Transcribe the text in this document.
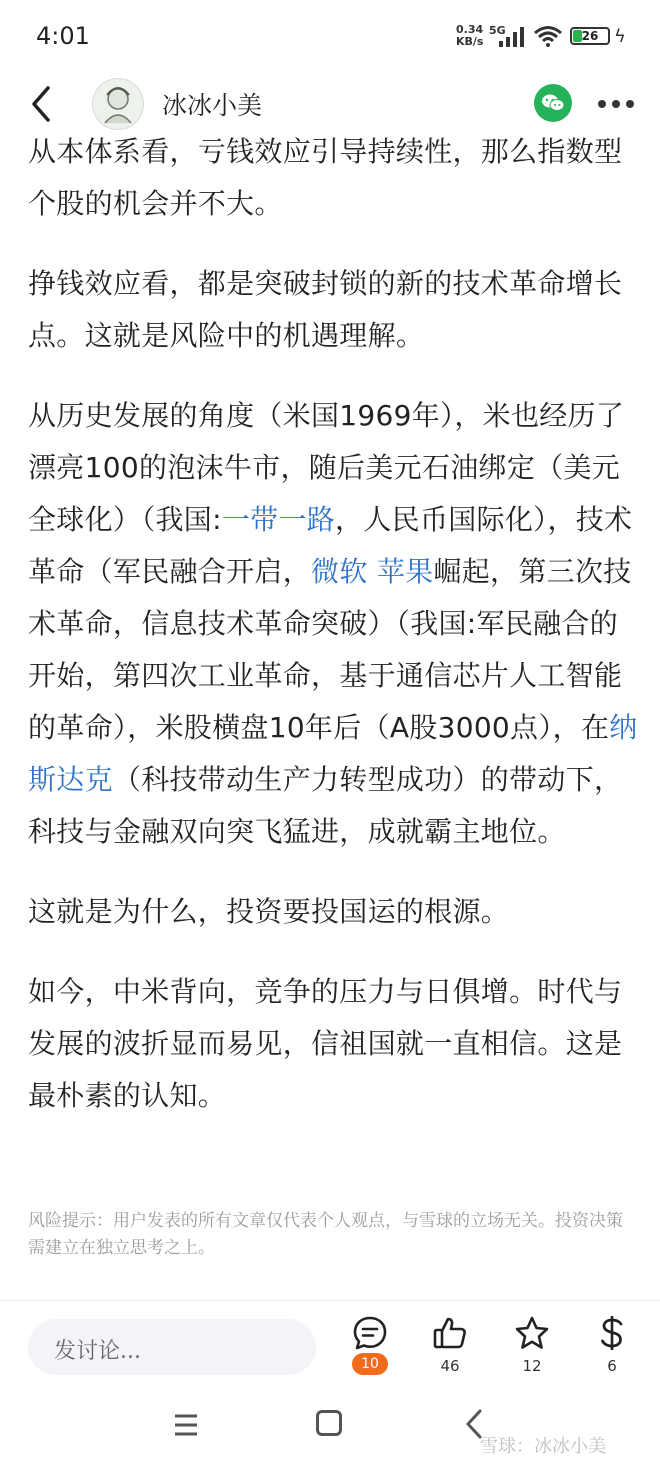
4:01	0.34
KB/s
5G	26 ϟ
冰冰小美

从本体系看，亏钱效应引导持续性，那么指数型个股的机会并不大。

挣钱效应看，都是突破封锁的新的技术革命增长点。这就是风险中的机遇理解。

从历史发展的角度（米国1969年），米也经历了漂亮100的泡沫牛市，随后美元石油绑定（美元全球化）（我国:一带一路，人民币国际化），技术革命（军民融合开启，微软 苹果崛起，第三次技术革命，信息技术革命突破）（我国:军民融合的开始，第四次工业革命，基于通信芯片人工智能的革命），米股横盘10年后（A股3000点），在纳斯达克（科技带动生产力转型成功）的带动下，科技与金融双向突飞猛进，成就霸主地位。

这就是为什么，投资要投国运的根源。

如今，中米背向，竞争的压力与日俱增。时代与发展的波折显而易见，信祖国就一直相信。这是最朴素的认知。

风险提示：用户发表的所有文章仅代表个人观点，与雪球的立场无关。投资决策需建立在独立思考之上。
发讨论...	10	46	12	6
雪球：冰冰小美
